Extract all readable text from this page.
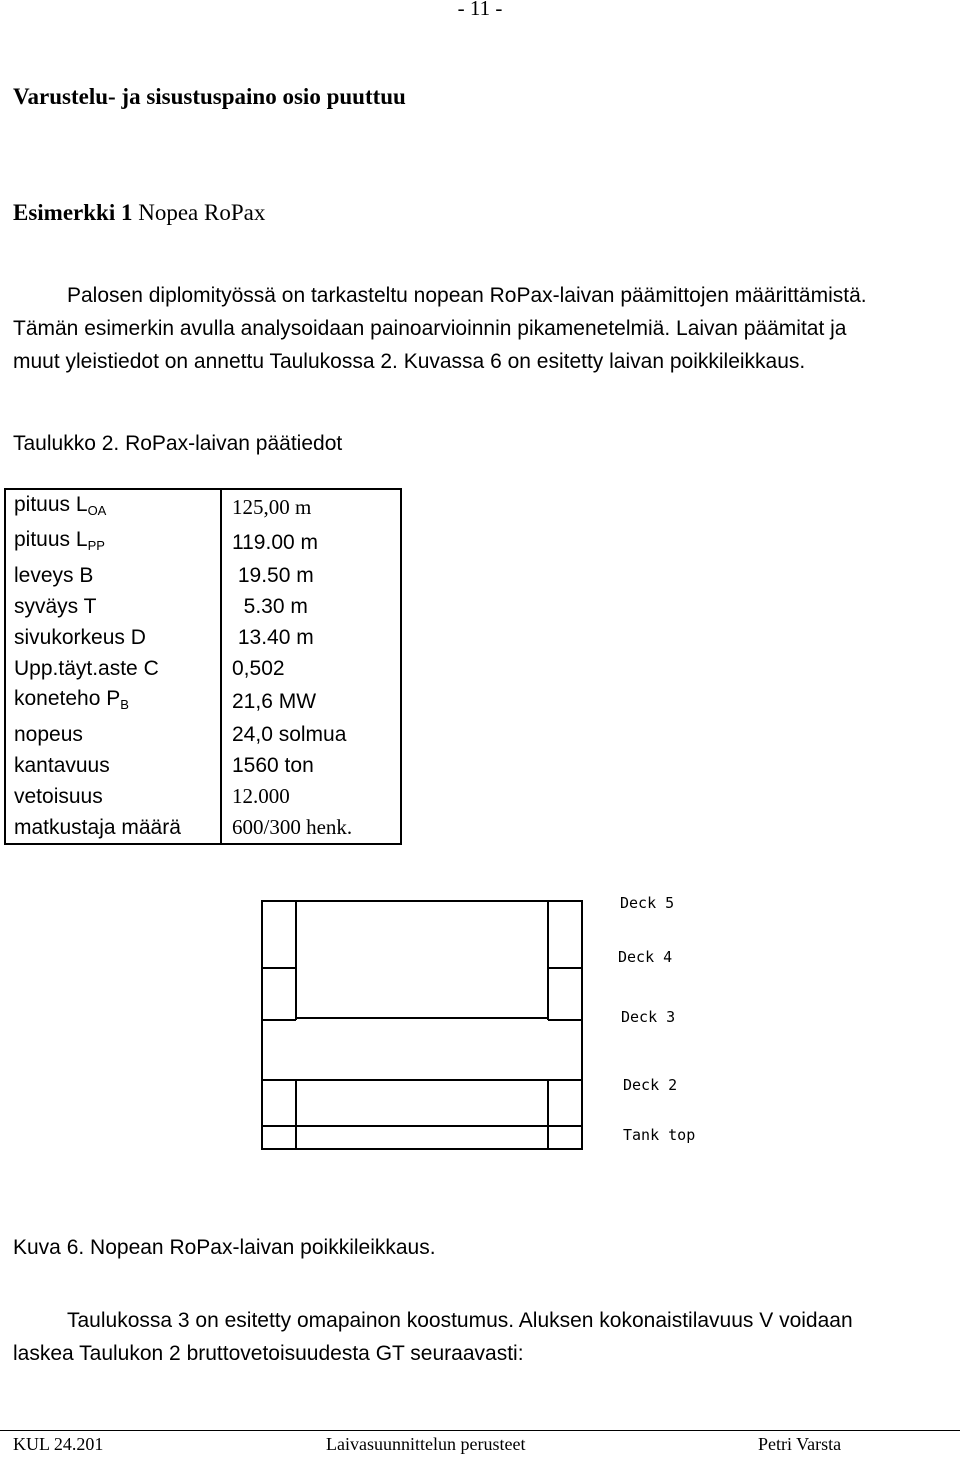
- 11 -
Varustelu- ja sisustuspaino osio puuttuu
Esimerkki 1 Nopea RoPax

Palosen diplomityössä on tarkasteltu nopean RoPax-laivan päämittojen määrittämistä.

Tämän esimerkin avulla analysoidaan painoarvioinnin pikamenetelmiä. Laivan päämitat ja

muut yleistiedot on annettu Taulukossa 2. Kuvassa 6 on esitetty laivan poikkileikkaus.

Taulukko 2. RoPax-laivan päätiedot
pituus $L_{OA}$	125,00 m
pituus $L_{PP}$	119.00 m
leveys B	19.50 m
syväys T	5.30 m
sivukorkeus D	13.40 m
Upp.täyt.aste C	0,502
koneteho $P_B$	21,6 MW
nopeus	24,0 solmua
kantavuus	1560 ton
vetoisuus	12.000
matkustaja määrä	600/300 henk.
Deck 5
Deck 4
Deck 3
Deck 2
Tank top
Kuva 6. Nopean RoPax-laivan poikkileikkaus.

Taulukossa 3 on esitetty omapainon koostumus. Aluksen kokonaistilavuus V voidaan

laskea Taulukon 2 bruttovetoisuudesta GT seuraavasti:

KUL 24.201	Laivasuunnittelun perusteet	Petri Varsta
